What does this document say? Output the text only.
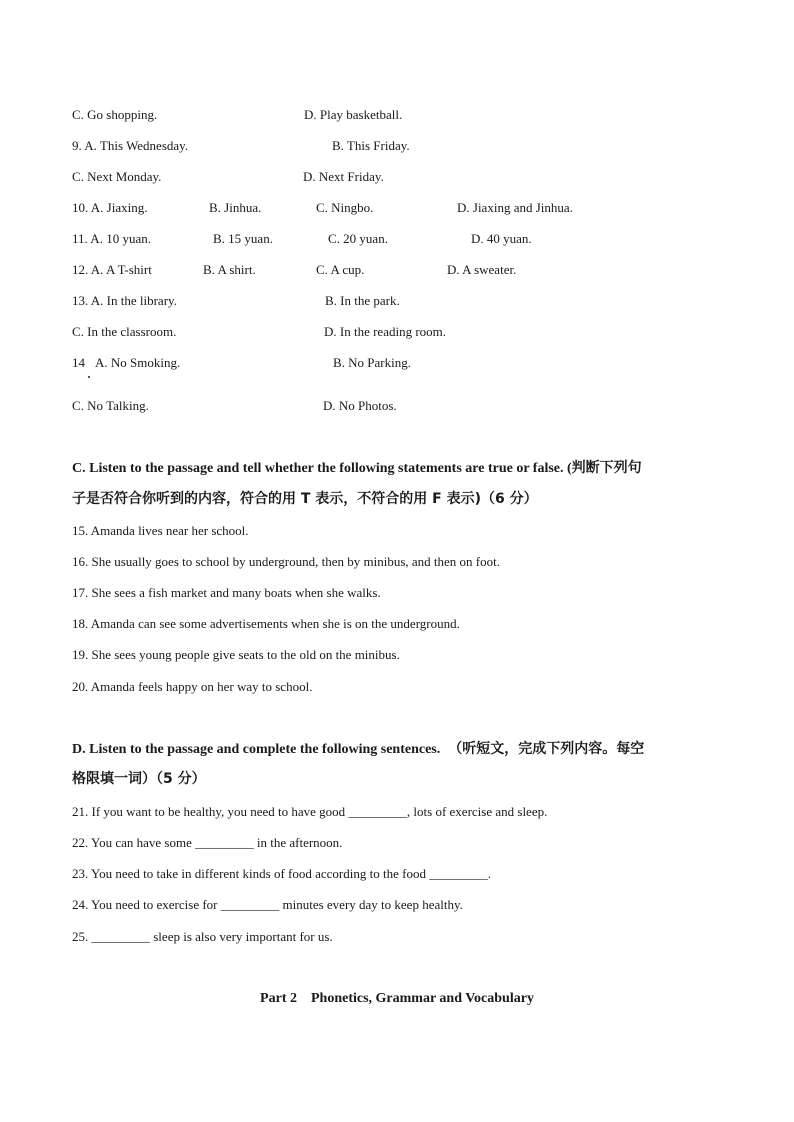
C. Go shopping.	D. Play basketball.
9. A. This Wednesday.	B. This Friday.
C. Next Monday.	D. Next Friday.
10. A. Jiaxing.	B. Jinhua.	C. Ningbo.	D. Jiaxing and Jinhua.
11. A. 10 yuan.	B. 15 yuan.	C. 20 yuan.	D. 40 yuan.
12. A. A T-shirt	B. A shirt.	C. A cup.	D. A sweater.
13. A. In the library.	B. In the park.
C. In the classroom.	D. In the reading room.
14 A. No Smoking.	B. No Parking.
C. No Talking.	D. No Photos.
C. Listen to the passage and tell whether the following statements are true or false. (判断下列句
子是否符合你听到的内容，符合的用 T 表示，不符合的用 F 表示)（6 分）
15. Amanda lives near her school.
16. She usually goes to school by underground, then by minibus, and then on foot.
17. She sees a fish market and many boats when she walks.
18. Amanda can see some advertisements when she is on the underground.
19. She sees young people give seats to the old on the minibus.
20. Amanda feels happy on her way to school.
D. Listen to the passage and complete the following sentences. （听短文，完成下列内容。每空
格限填一词）（5 分）
21. If you want to be healthy, you need to have good _________, lots of exercise and sleep.
22. You can have some _________ in the afternoon.
23. You need to take in different kinds of food according to the food _________.
24. You need to exercise for _________ minutes every day to keep healthy.
25. _________ sleep is also very important for us.
Part 2    Phonetics, Grammar and Vocabulary
